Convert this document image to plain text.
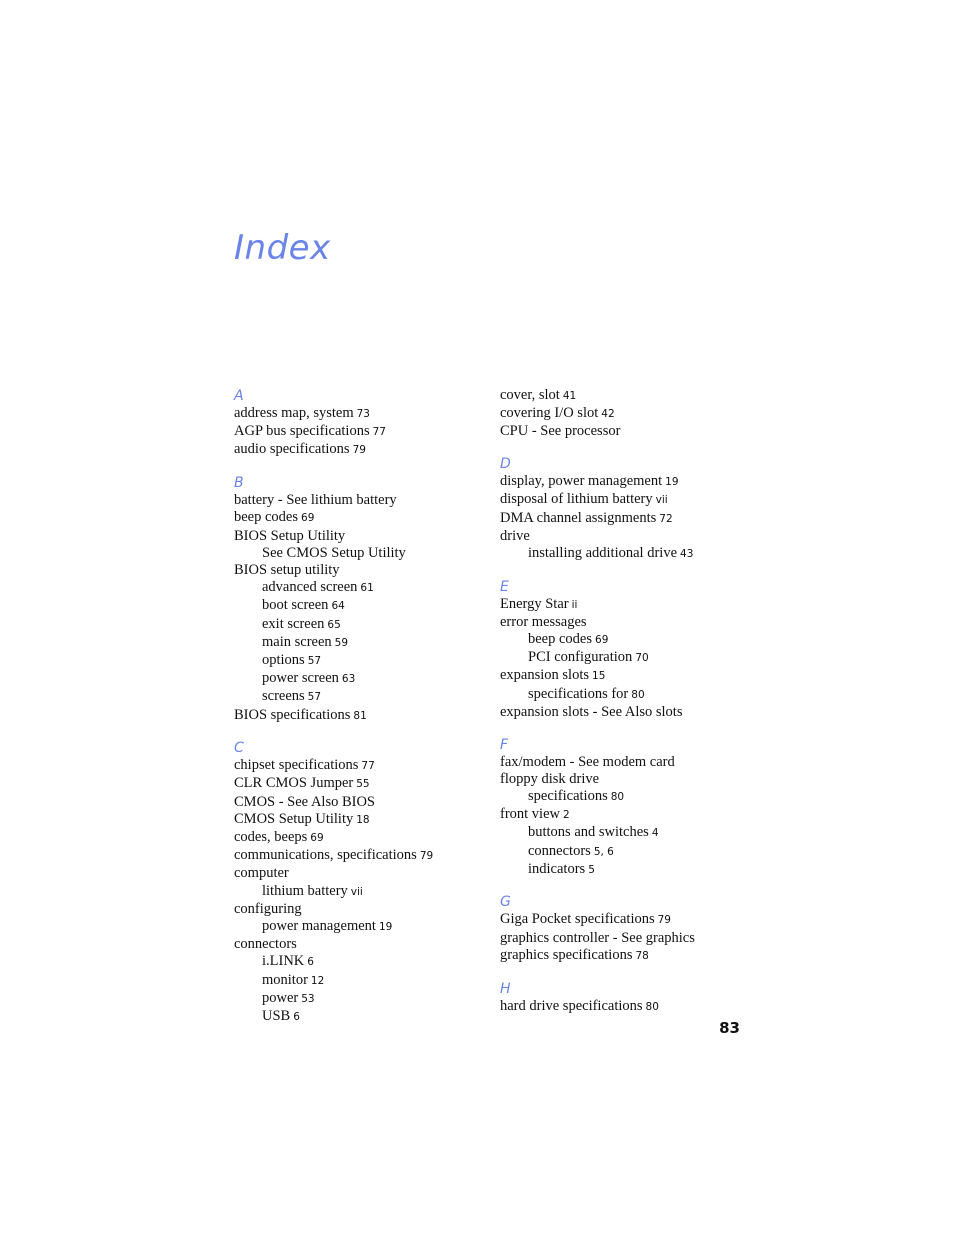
Index
A
address map, system 73
AGP bus specifications 77
audio specifications 79
B
battery - See lithium battery
beep codes 69
BIOS Setup Utility
See CMOS Setup Utility
BIOS setup utility
advanced screen 61
boot screen 64
exit screen 65
main screen 59
options 57
power screen 63
screens 57
BIOS specifications 81
C
chipset specifications 77
CLR CMOS Jumper 55
CMOS - See Also BIOS
CMOS Setup Utility 18
codes, beeps 69
communications, specifications 79
computer
lithium battery vii
configuring
power management 19
connectors
i.LINK 6
monitor 12
power 53
USB 6
cover, slot 41
covering I/O slot 42
CPU - See processor
D
display, power management 19
disposal of lithium battery vii
DMA channel assignments 72
drive
installing additional drive 43
E
Energy Star ii
error messages
beep codes 69
PCI configuration 70
expansion slots 15
specifications for 80
expansion slots - See Also slots
F
fax/modem - See modem card
floppy disk drive
specifications 80
front view 2
buttons and switches 4
connectors 5, 6
indicators 5
G
Giga Pocket specifications 79
graphics controller - See graphics
graphics specifications 78
H
hard drive specifications 80
83
